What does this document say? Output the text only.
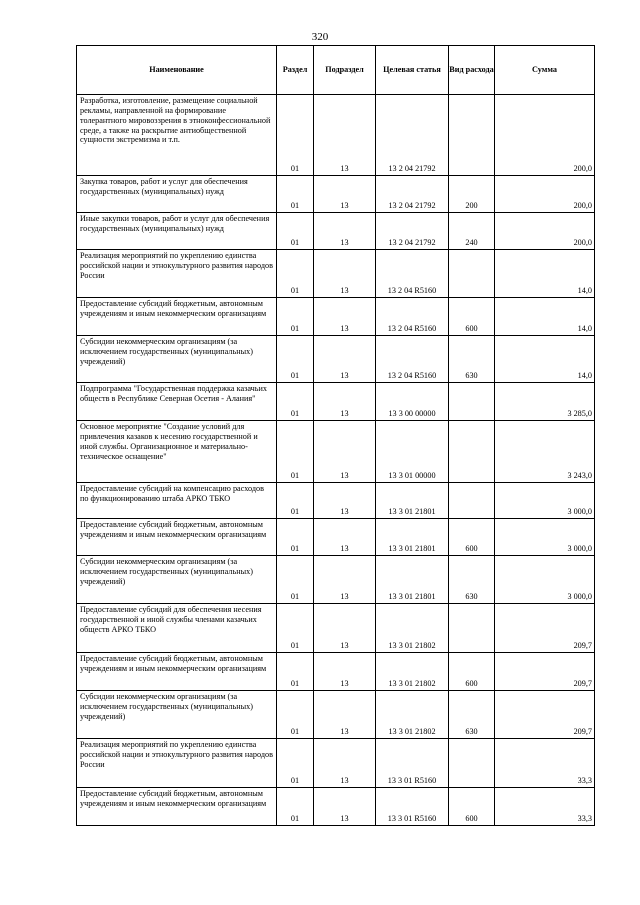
320
Наименование	Раздел	Подраздел	Целевая статья	Вид расхода	Сумма
Разработка, изготовление, размещение социальной рекламы, направленной на формирование толерантного мировоззрения в этноконфессиональной среде, а также на раскрытие антиобщественной сущности экстремизма и т.п.	01	13	13 2 04 21792		200,0
Закупка товаров, работ и услуг для обеспечения государственных (муниципальных) нужд	01	13	13 2 04 21792	200	200,0
Иные закупки товаров, работ и услуг для обеспечения государственных (муниципальных) нужд	01	13	13 2 04 21792	240	200,0
Реализация мероприятий по укреплению единства российской нации и этнокультурного развития народов России	01	13	13 2 04 R5160		14,0
Предоставление субсидий бюджетным, автономным учреждениям и иным некоммерческим организациям	01	13	13 2 04 R5160	600	14,0
Субсидии некоммерческим организациям (за исключением государственных (муниципальных) учреждений)	01	13	13 2 04 R5160	630	14,0
Подпрограмма "Государственная поддержка казачьих обществ в Республике Северная Осетия - Алания"	01	13	13 3 00 00000		3 285,0
Основное мероприятие "Создание условий для привлечения казаков к несению государственной и иной службы. Организационное и материально-техническое оснащение"	01	13	13 3 01 00000		3 243,0
Предоставление субсидий на компенсацию расходов по функционированию штаба АРКО ТБКО	01	13	13 3 01 21801		3 000,0
Предоставление субсидий бюджетным, автономным учреждениям и иным некоммерческим организациям	01	13	13 3 01 21801	600	3 000,0
Субсидии некоммерческим организациям (за исключением государственных (муниципальных) учреждений)	01	13	13 3 01 21801	630	3 000,0
Предоставление субсидий для обеспечения несения государственной и иной службы членами казачьих обществ АРКО ТБКО	01	13	13 3 01 21802		209,7
Предоставление субсидий бюджетным, автономным учреждениям и иным некоммерческим организациям	01	13	13 3 01 21802	600	209,7
Субсидии некоммерческим организациям (за исключением государственных (муниципальных) учреждений)	01	13	13 3 01 21802	630	209,7
Реализация мероприятий по укреплению единства российской нации и этнокультурного развития народов России	01	13	13 3 01 R5160		33,3
Предоставление субсидий бюджетным, автономным учреждениям и иным некоммерческим организациям	01	13	13 3 01 R5160	600	33,3
